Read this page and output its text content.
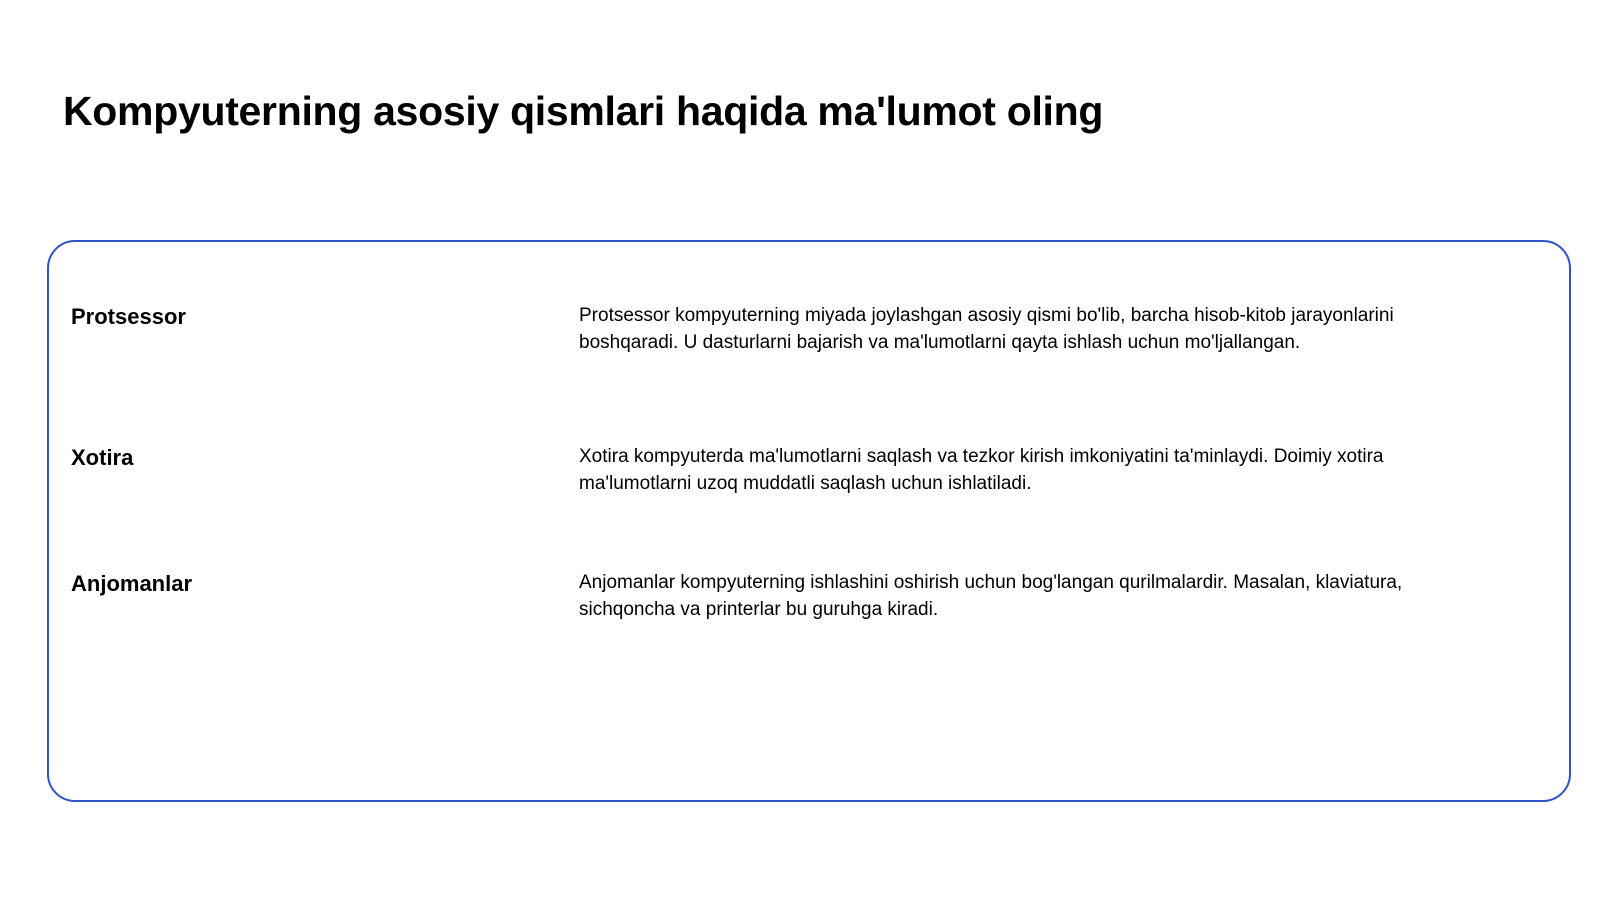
Kompyuterning asosiy qismlari haqida ma'lumot oling
Protsessor	Protsessor kompyuterning miyada joylashgan asosiy qismi bo'lib, barcha hisob-kitob jarayonlarini boshqaradi. U dasturlarni bajarish va ma'lumotlarni qayta ishlash uchun mo'ljallangan.
Xotira	Xotira kompyuterda ma'lumotlarni saqlash va tezkor kirish imkoniyatini ta'minlaydi. Doimiy xotira ma'lumotlarni uzoq muddatli saqlash uchun ishlatiladi.
Anjomanlar	Anjomanlar kompyuterning ishlashini oshirish uchun bog'langan qurilmalardir. Masalan, klaviatura, sichqoncha va printerlar bu guruhga kiradi.
